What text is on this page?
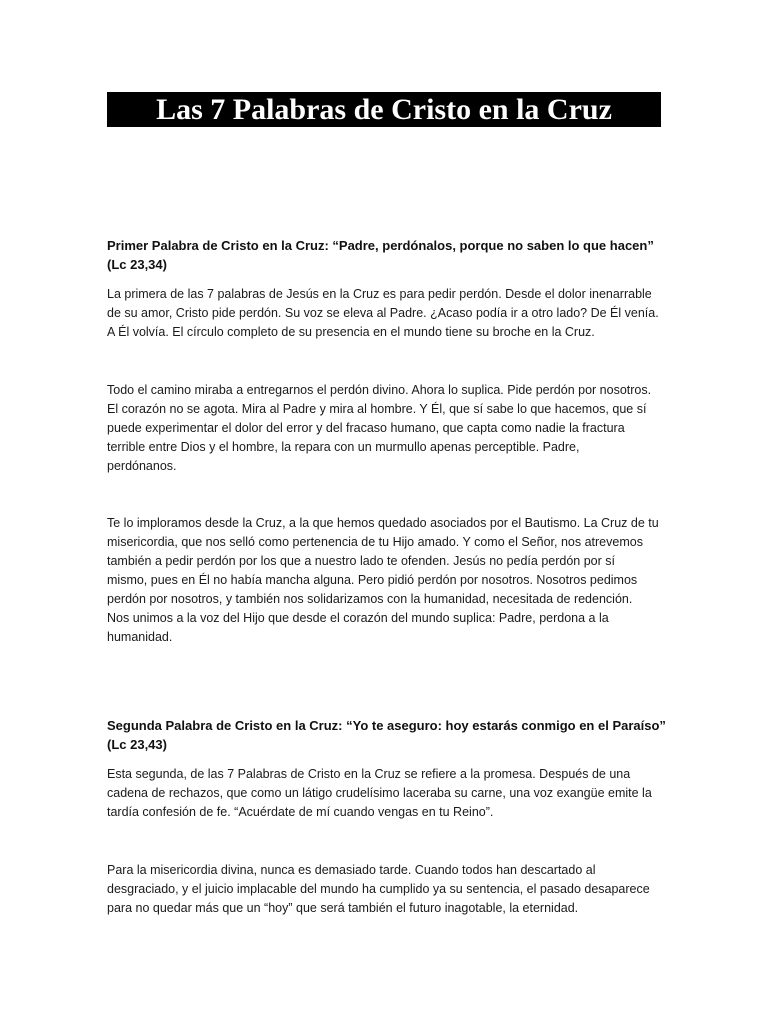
Las 7 Palabras de Cristo en la Cruz
Primer Palabra de Cristo en la Cruz: “Padre, perdónalos, porque no saben lo que hacen”
(Lc 23,34)
La primera de las 7 palabras de Jesús en la Cruz es para pedir perdón. Desde el dolor inenarrable
de su amor, Cristo pide perdón. Su voz se eleva al Padre. ¿Acaso podía ir a otro lado? De Él venía.
A Él volvía. El círculo completo de su presencia en el mundo tiene su broche en la Cruz.
Todo el camino miraba a entregarnos el perdón divino. Ahora lo suplica. Pide perdón por nosotros.
El corazón no se agota. Mira al Padre y mira al hombre. Y Él, que sí sabe lo que hacemos, que sí
puede experimentar el dolor del error y del fracaso humano, que capta como nadie la fractura
terrible entre Dios y el hombre, la repara con un murmullo apenas perceptible. Padre,
perdónanos.
Te lo imploramos desde la Cruz, a la que hemos quedado asociados por el Bautismo. La Cruz de tu
misericordia, que nos selló como pertenencia de tu Hijo amado. Y como el Señor, nos atrevemos
también a pedir perdón por los que a nuestro lado te ofenden. Jesús no pedía perdón por sí
mismo, pues en Él no había mancha alguna. Pero pidió perdón por nosotros. Nosotros pedimos
perdón por nosotros, y también nos solidarizamos con la humanidad, necesitada de redención.
Nos unimos a la voz del Hijo que desde el corazón del mundo suplica: Padre, perdona a la
humanidad.
Segunda Palabra de Cristo en la Cruz: “Yo te aseguro: hoy estarás conmigo en el Paraíso”
(Lc 23,43)
Esta segunda, de las 7 Palabras de Cristo en la Cruz se refiere a la promesa. Después de una
cadena de rechazos, que como un látigo crudelísimo laceraba su carne, una voz exangüe emite la
tardía confesión de fe. “Acuérdate de mí cuando vengas en tu Reino”.
Para la misericordia divina, nunca es demasiado tarde. Cuando todos han descartado al
desgraciado, y el juicio implacable del mundo ha cumplido ya su sentencia, el pasado desaparece
para no quedar más que un “hoy” que será también el futuro inagotable, la eternidad.
